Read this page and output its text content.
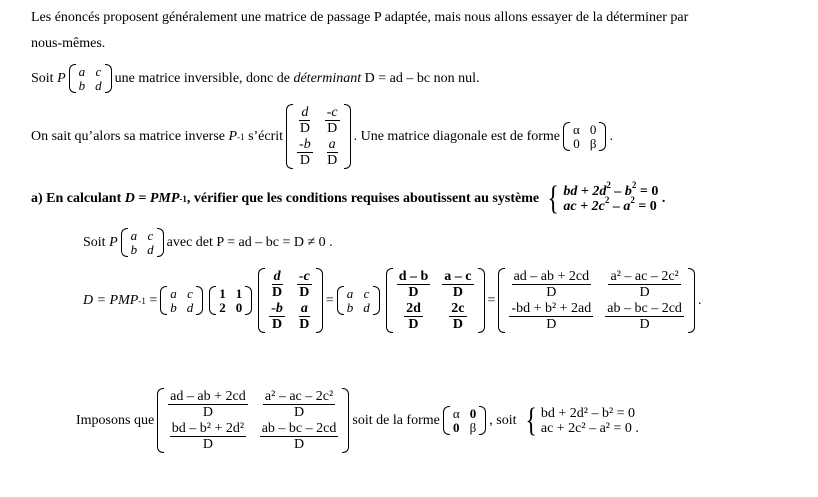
Les énoncés proposent généralement une matrice de passage P adaptée, mais nous allons essayer de la déterminer par
nous-mêmes.
Soit
P a c
b d une matrice inversible, donc de
déterminant
D = ad – bc
non nul.
On sait qu’alors sa matrice inverse
P -1
s’écrit $\frac{d}{D} \frac{-c}{D}$
$\frac{-b}{D} \frac{a}{D}$
. Une matrice diagonale est de forme α 0
0 β .
a) En calculant
D = PMP -1 , vérifier que les conditions requises aboutissent au système { bd + $2d^2 - b^2 = 0$
ac + $2c^2 - a^2 = 0$
.
Soit
P a c
b d avec det P = ad – bc = D ≠ 0 .
D = PMP -1
= a c
b d
1 1
2 0
$\frac{d}{D} \frac{-c}{D}$
$\frac{-b}{D} \frac{a}{D}$
= a c
b d
$\frac{d - b}{D} \frac{a - c}{D}$
$\frac{2d}{D} \frac{2c}{D}$
= $\frac{ad - ab + 2cd}{D} \frac{\text{a² – ac – 2c²}}{D}$
$\frac{\text{-bd + b² + 2ad}}{D} \frac{ab - bc - 2cd}{D}$
.
Imposons que $\frac{ad - ab + 2cd}{D} \frac{\text{a² – ac – 2c²}}{D}$
$\frac{\text{bd – b² + 2d²}}{D} \frac{ab - bc - 2cd}{D}$
soit de la forme α 0
0 β , soit { bd + 2d² – b² = 0
ac + 2c² – a² = 0 .
